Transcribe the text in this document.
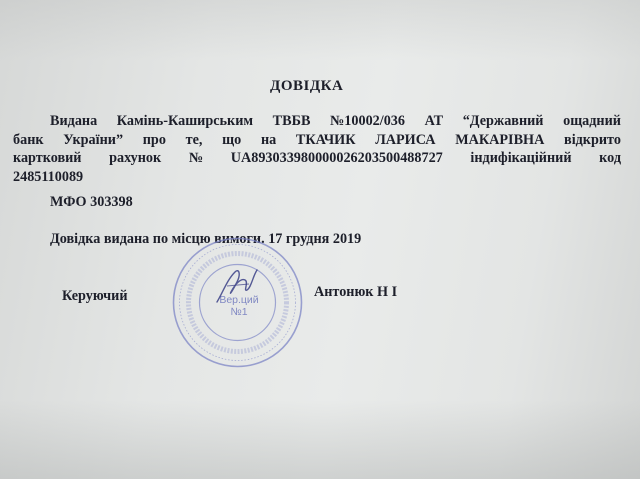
ДОВІДКА
Видана Камінь-Каширським ТВБВ №10002/036 АТ “Державний ощадний
банк України” про те, що на ТКАЧИК ЛАРИСА МАКАРІВНА відкрито
картковий рахунок № UA893033980000026203500488727 індифікаційний код
2485110089
МФО 303398
Довідка видана по місцю вимоги. 17 грудня 2019
Вер.ций №1
Керуючий	Антонюк Н І
